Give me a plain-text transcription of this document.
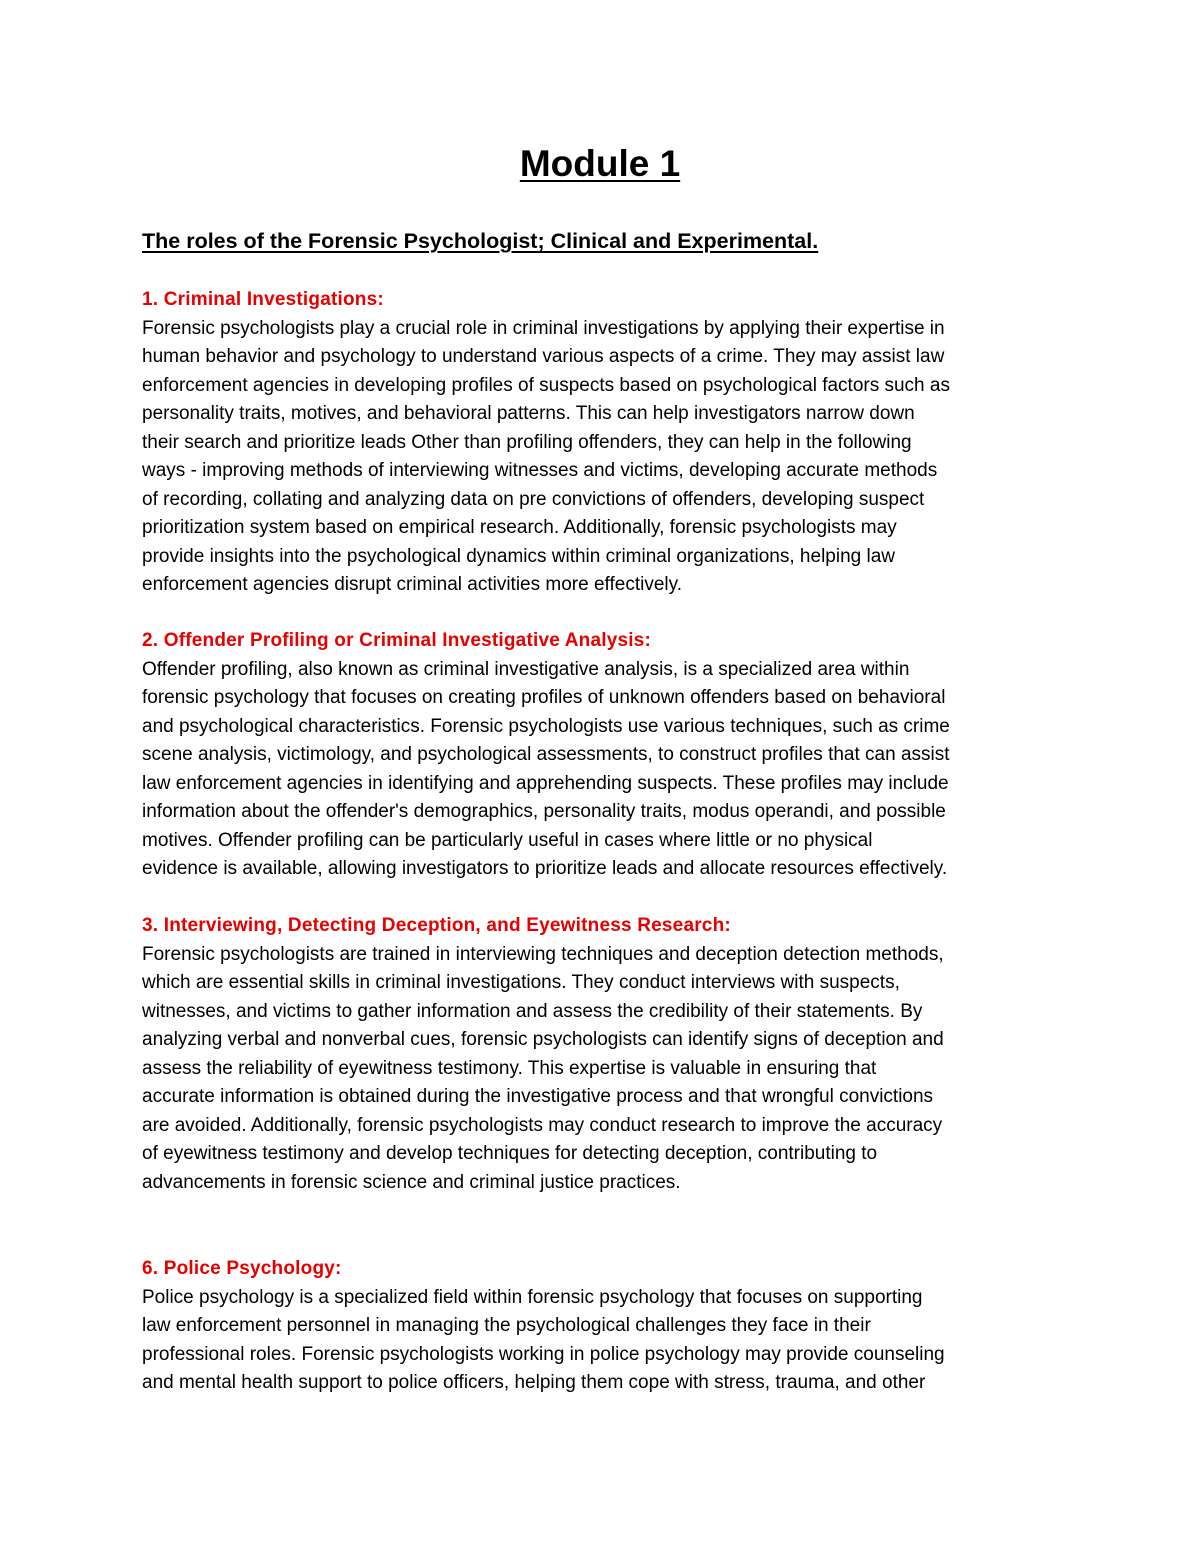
Module 1
The roles of the Forensic Psychologist; Clinical and Experimental.
1. Criminal Investigations:

Forensic psychologists play a crucial role in criminal investigations by applying their expertise in
human behavior and psychology to understand various aspects of a crime. They may assist law
enforcement agencies in developing profiles of suspects based on psychological factors such as
personality traits, motives, and behavioral patterns. This can help investigators narrow down
their search and prioritize leads Other than profiling offenders, they can help in the following
ways - improving methods of interviewing witnesses and victims, developing accurate methods
of recording, collating and analyzing data on pre convictions of offenders, developing suspect
prioritization system based on empirical research. Additionally, forensic psychologists may
provide insights into the psychological dynamics within criminal organizations, helping law
enforcement agencies disrupt criminal activities more effectively.

2. Offender Profiling or Criminal Investigative Analysis:

Offender profiling, also known as criminal investigative analysis, is a specialized area within
forensic psychology that focuses on creating profiles of unknown offenders based on behavioral
and psychological characteristics. Forensic psychologists use various techniques, such as crime
scene analysis, victimology, and psychological assessments, to construct profiles that can assist
law enforcement agencies in identifying and apprehending suspects. These profiles may include
information about the offender's demographics, personality traits, modus operandi, and possible
motives. Offender profiling can be particularly useful in cases where little or no physical
evidence is available, allowing investigators to prioritize leads and allocate resources effectively.

3. Interviewing, Detecting Deception, and Eyewitness Research:

Forensic psychologists are trained in interviewing techniques and deception detection methods,
which are essential skills in criminal investigations. They conduct interviews with suspects,
witnesses, and victims to gather information and assess the credibility of their statements. By
analyzing verbal and nonverbal cues, forensic psychologists can identify signs of deception and
assess the reliability of eyewitness testimony. This expertise is valuable in ensuring that
accurate information is obtained during the investigative process and that wrongful convictions
are avoided. Additionally, forensic psychologists may conduct research to improve the accuracy
of eyewitness testimony and develop techniques for detecting deception, contributing to
advancements in forensic science and criminal justice practices.

6. Police Psychology:

Police psychology is a specialized field within forensic psychology that focuses on supporting
law enforcement personnel in managing the psychological challenges they face in their
professional roles. Forensic psychologists working in police psychology may provide counseling
and mental health support to police officers, helping them cope with stress, trauma, and other
